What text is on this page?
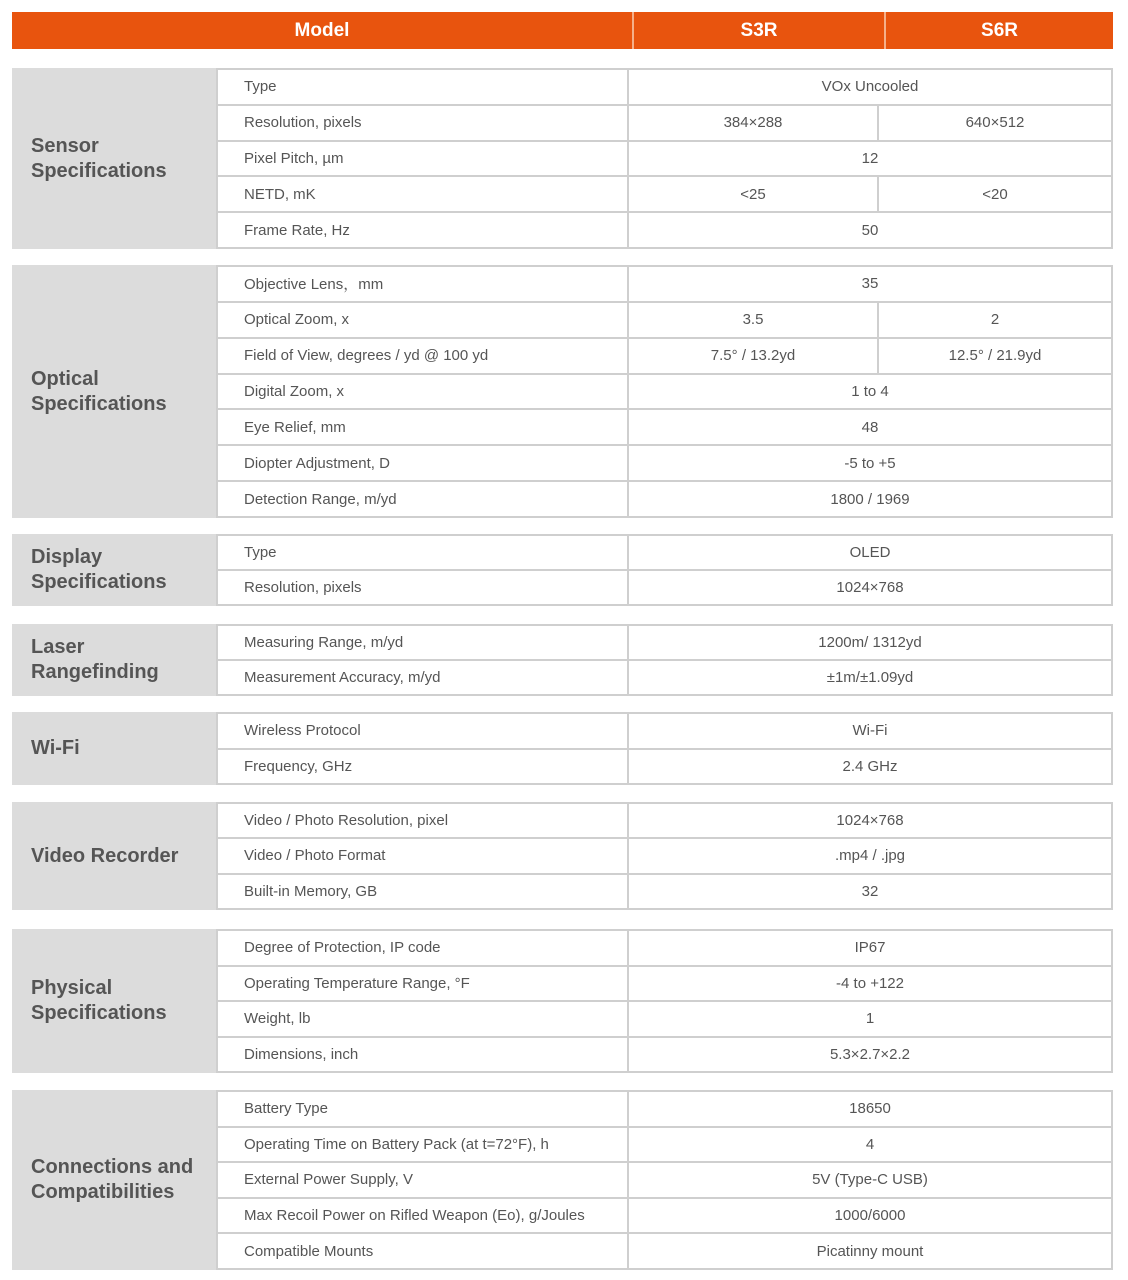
Model	S3R	S6R
Sensor
Specifications
Type	VOx Uncooled
Resolution, pixels	384×288	640×512
Pixel Pitch, µm	12
NETD, mK	<25	<20
Frame Rate, Hz	50
Optical
Specifications
Objective Lens，mm	35
Optical Zoom, x	3.5	2
Field of View, degrees / yd @ 100 yd	7.5° / 13.2yd	12.5° / 21.9yd
Digital Zoom, x	1 to 4
Eye Relief, mm	48
Diopter Adjustment, D	-5 to +5
Detection Range, m/yd	1800 / 1969
Display
Specifications
Type	OLED
Resolution, pixels	1024×768
Laser
Rangefinding
Measuring Range, m/yd	1200m/ 1312yd
Measurement Accuracy, m/yd	±1m/±1.09yd
Wi-Fi
Wireless Protocol	Wi-Fi
Frequency, GHz	2.4 GHz
Video Recorder
Video / Photo Resolution, pixel	1024×768
Video / Photo Format	.mp4 / .jpg
Built-in Memory, GB	32
Physical
Specifications
Degree of Protection, IP code	IP67
Operating Temperature Range, °F	-4 to +122
Weight, lb	1
Dimensions, inch	5.3×2.7×2.2
Connections and
Compatibilities
Battery Type	18650
Operating Time on Battery Pack (at t=72°F), h	4
External Power Supply, V	5V (Type-C USB)
Max Recoil Power on Rifled Weapon (Eo), g/Joules	1000/6000
Compatible Mounts	Picatinny mount
